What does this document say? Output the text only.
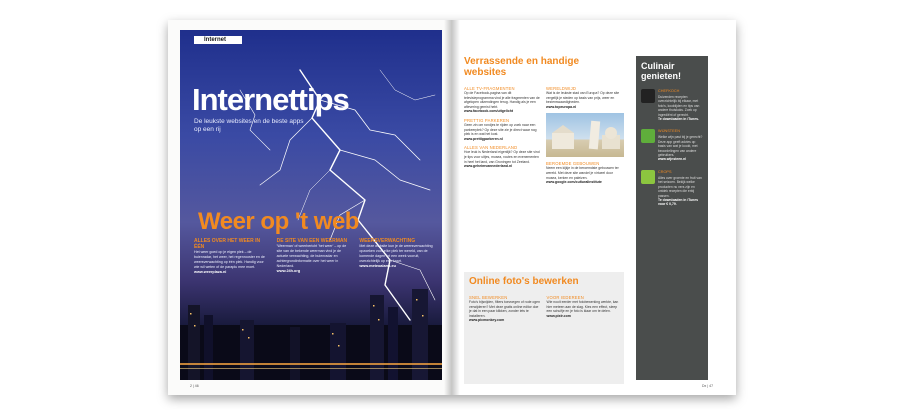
Internet
Internettips
De leukste websites en de beste apps op een rij
Weer op 't web
ALLES OVER HET WEER IN ÉÉN
Het weer goed op je eigen plek – de buienradar, het weer, het regenrooster en de weersverwachting op één plek. Handig voor wie wil weten of de paraplu mee moet.
www.weerplaza.nl
DE SITE VAN EEN WEERMAN
'Weerman' of weerbericht 'het weer' – op de site van de bekende weerman vind je de actuele verwachting, de buienradar en achtergrondinformatie over het weer in Nederland.
www.24h.org
WEERSVERWACHTING
Met deze website kun je de weersverwachting opzoeken voor elke plek ter wereld, van de komende dagen tot een week vooruit, overzichtelijk op een kaart.
www.meteoalarm.eu
2 | 46
Verrassende en handige websites
ALLE TV-FRAGMENTEN
Op de Facebook-pagina van dit televisieprogramma vind je alle fragmenten van de afgelopen uitzendingen terug. Handig als je een aflevering gemist hebt.
www.facebook.com/uitgelicht
PRETTIG PARKEREN
Geen zin om rondjes te rijden op zoek naar een parkeerplek? Op deze site zie je direct waar nog plek is en wat het kost.
www.prettigparkeren.nl
ALLES VAN NEDERLAND
Hoe leuk is Nederland eigenlijk? Op deze site vind je tips voor uitjes, musea, routes en evenementen in heel het land, van Groningen tot Zeeland.
www.geheimvannederland.nl
WERELDWIJD
Wat is de leukste stad van Europa? Op deze site vergelijk je steden op basis van prijs, weer en bezienswaardigheden.
www.topeuropa.nl
BEROEMDE GEBOUWEN
Neem een kijkje in de beroemdste gebouwen ter wereld. Met deze site wandel je virtueel door musea, kerken en paleizen.
www.google.com/culturalinstitute
Online foto's bewerken
SNEL BEWERKEN
Foto's bijsnijden, filters toevoegen of rode ogen verwijderen? Met deze gratis online editor doe je dat in een paar klikken, zonder iets te installeren.
www.picmonkey.com
VOOR IEDEREEN
Wie nooit eerder met fotobewerking werkte, kan hier meteen aan de slag. Kies een effect, sleep een schuifje en je foto is klaar om te delen.
www.pixlr.com
Culinair genieten!
CHEFKOCH
Duizenden recepten overzichtelijk bij elkaar, met foto's, kooktijden en tips van andere thuiskoks. Zoek op ingrediënt of gerecht.
Te downloaden in iTunes.
WIJNSTEEN
Welke wijn past bij je gerecht? Deze app geeft advies op basis van wat je kookt, met beoordelingen van andere gebruikers.
www.wijnsteen.nl
CROPS
Alles over groente en fruit van het seizoen. Bekijk welke producten nu vers zijn en ontdek recepten die erbij passen.
Te downloaden in iTunes voor € 0,79.
Dx | 47
